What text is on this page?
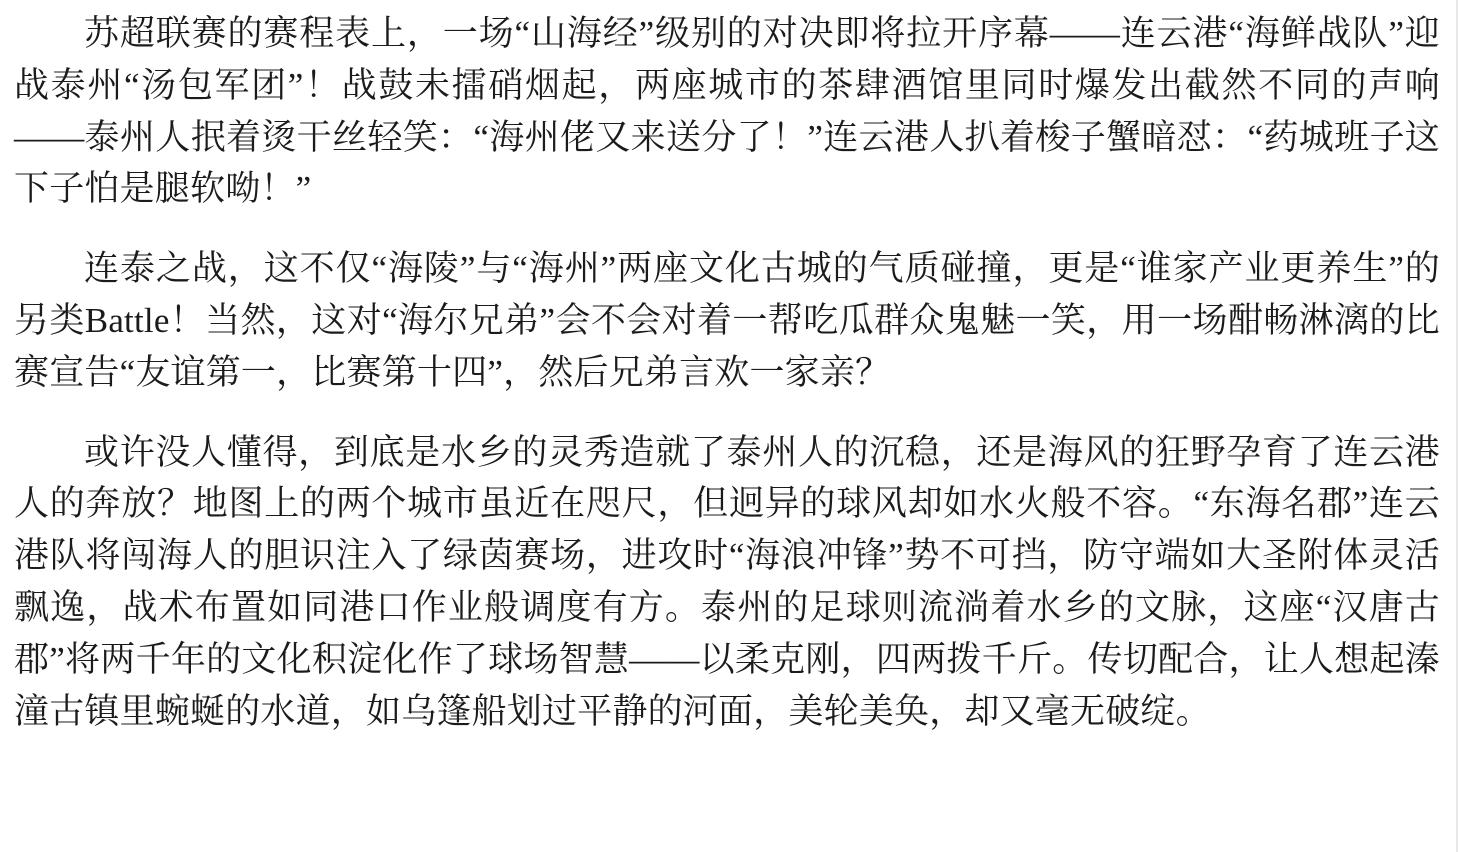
苏超联赛的赛程表上，一场“山海经”级别的对决即将拉开序幕——连云港“海鲜战队”迎战泰州“汤包军团”！战鼓未擂硝烟起，两座城市的茶肆酒馆里同时爆发出截然不同的声响——泰州人抿着烫干丝轻笑：“海州佬又来送分了！”连云港人扒着梭子蟹暗怼：“药城班子这下子怕是腿软呦！”

连泰之战，这不仅“海陵”与“海州”两座文化古城的气质碰撞，更是“谁家产业更养生”的另类Battle！当然，这对“海尔兄弟”会不会对着一帮吃瓜群众鬼魅一笑，用一场酣畅淋漓的比赛宣告“友谊第一，比赛第十四”，然后兄弟言欢一家亲？

或许没人懂得，到底是水乡的灵秀造就了泰州人的沉稳，还是海风的狂野孕育了连云港人的奔放？地图上的两个城市虽近在咫尺，但迥异的球风却如水火般不容。“东海名郡”连云港队将闯海人的胆识注入了绿茵赛场，进攻时“海浪冲锋”势不可挡，防守端如大圣附体灵活飘逸，战术布置如同港口作业般调度有方。泰州的足球则流淌着水乡的文脉，这座“汉唐古郡”将两千年的文化积淀化作了球场智慧——以柔克刚，四两拨千斤。传切配合，让人想起溱潼古镇里蜿蜒的水道，如乌篷船划过平静的河面，美轮美奂，却又毫无破绽。
